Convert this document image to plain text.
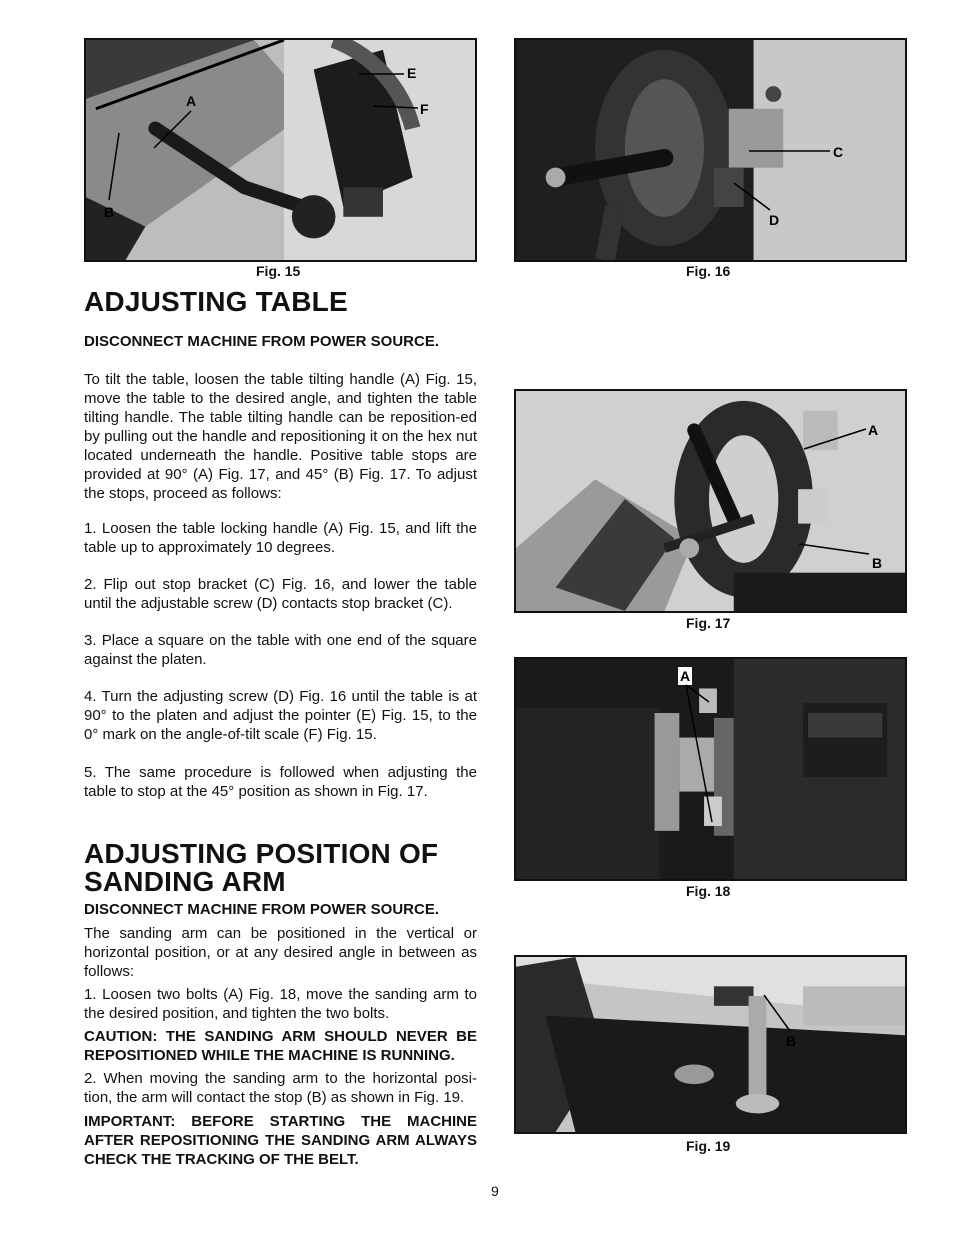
A
B
E
F
Fig. 15
C
D
Fig. 16
ADJUSTING TABLE

DISCONNECT MACHINE FROM POWER SOURCE.

To tilt the table, loosen the table tilting handle (A) Fig. 15, move the table to the desired angle, and tighten the table tilting handle. The table tilting handle can be reposition-ed by pulling out the handle and repositioning it on the hex nut located underneath the handle. Positive table stops are provided at 90° (A) Fig. 17, and 45° (B) Fig. 17. To adjust the stops, proceed as follows:

1. Loosen the table locking handle (A) Fig. 15, and lift the table up to approximately 10 degrees.

2. Flip out stop bracket (C) Fig. 16, and lower the table until the adjustable screw (D) contacts stop bracket (C).

3. Place a square on the table with one end of the square against the platen.

4. Turn the adjusting screw (D) Fig. 16 until the table is at 90° to the platen and adjust the pointer (E) Fig. 15, to the 0° mark on the angle-of-tilt scale (F) Fig. 15.

5. The same procedure is followed when adjusting the table to stop at the 45° position as shown in Fig. 17.

A
B
Fig. 17
A
Fig. 18
ADJUSTING POSITION OF
SANDING ARM

DISCONNECT MACHINE FROM POWER SOURCE.

The sanding arm can be positioned in the vertical or horizontal position, or at any desired angle in between as follows:

1. Loosen two bolts (A) Fig. 18, move the sanding arm to the desired position, and tighten the two bolts.

CAUTION: THE SANDING ARM SHOULD NEVER BE REPOSITIONED WHILE THE MACHINE IS RUNNING.

2. When moving the sanding arm to the horizontal posi-tion, the arm will contact the stop (B) as shown in Fig. 19.

IMPORTANT: BEFORE STARTING THE MACHINE AFTER REPOSITIONING THE SANDING ARM ALWAYS CHECK THE TRACKING OF THE BELT.

B
Fig. 19
9
